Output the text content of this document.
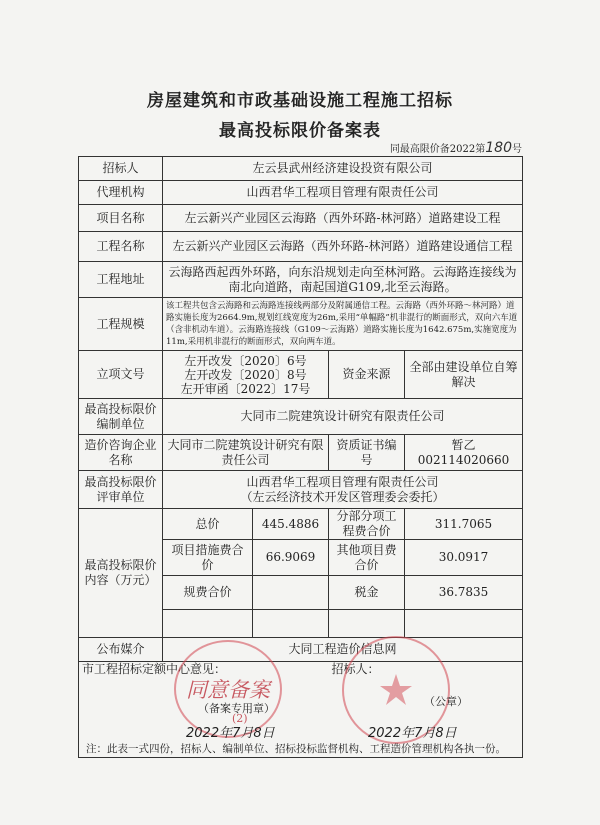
房屋建筑和市政基础设施工程施工招标
最高投标限价备案表
同最高限价备2022第180号
招标人	左云县武州经济建设投资有限公司			
代理机构	山西君华工程项目管理有限责任公司			
项目名称	左云新兴产业园区云海路（西外环路-林河路）道路建设工程			
工程名称	左云新兴产业园区云海路（西外环路-林河路）道路建设通信工程			
工程地址	云海路西起西外环路，向东沿规划走向至林河路。云海路连接线为南北向道路，南起国道G109,北至云海路。			
工程规模	该工程共包含云海路和云海路连接线两部分及附属通信工程。云海路（西外环路～林河路）道路实施长度为2664.9m,规划红线宽度为26m,采用“单幅路”机非混行的断面形式，双向六车道（含非机动车道）。云海路连接线（G109～云海路）道路实施长度为1642.675m,实施宽度为11m,采用机非混行的断面形式，双向两车道。			
立项文号	左开改发〔2020〕6号
左开改发〔2020〕8号
左开审函〔2022〕17号		资金来源	全部由建设单位自筹解决
最高投标限价编制单位	大同市二院建筑设计研究有限责任公司			
造价咨询企业名称	大同市二院建筑设计研究有限责任公司		资质证书编号	暂乙002114020660
最高投标限价评审单位	山西君华工程项目管理有限责任公司
（左云经济技术开发区管理委会委托）			

最高投标限价内容（万元）	总价	445.4886	分部分项工程费合价	311.7065
	项目措施费合价	66.9069	其他项目费合价	30.0917
	规费合价		税金	36.7835

公布媒介	大同工程造价信息网			
市工程招标定额中心意见：			招标人：	
同意备案
（备案专用章）
(2)
（公章）
2022年7月8日	2022年7月8日
注：此表一式四份，招标人、编制单位、招标投标监督机构、工程造价管理机构各执一份。
